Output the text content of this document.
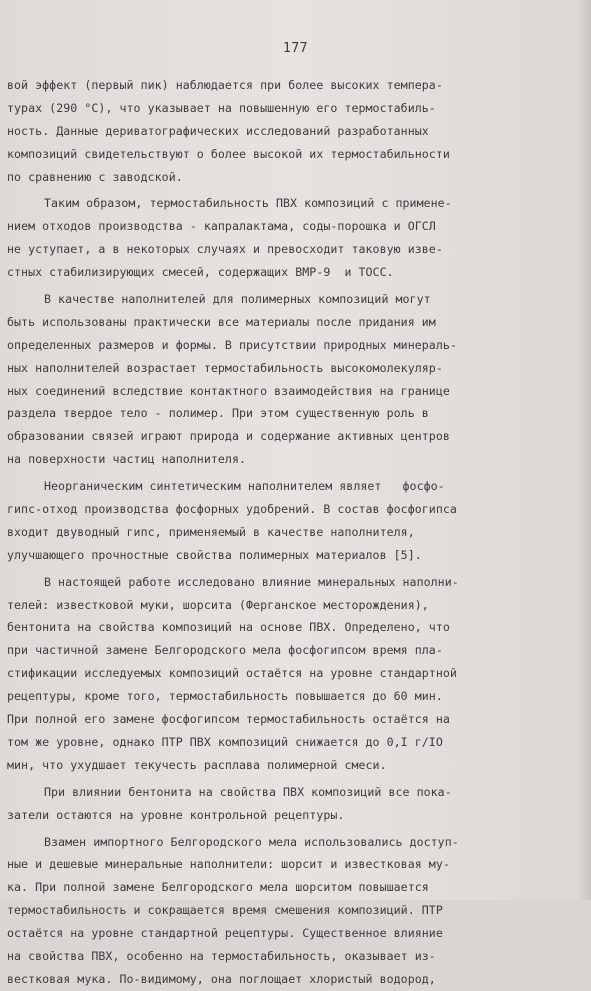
177
вой эффект (первый пик) наблюдается при более высоких темпера-
турах (290 °С), что указывает на повышенную его термостабиль-
ность. Данные дериватографических исследований разработанных
композиций свидетельствуют о более высокой их термостабильности
по сравнению с заводской.
Таким образом, термостабильность ПВХ композиций с примене-
нием отходов производства - капралактама, соды-порошка и ОГСЛ
не уступает, а в некоторых случаях и превосходит таковую изве-
стных стабилизирующих смесей, содержащих ВМР-9  и ТОСС.
В качестве наполнителей для полимерных композиций могут
быть использованы практически все материалы после придания им
определенных размеров и формы. В присутствии природных минераль-
ных наполнителей возрастает термостабильность высокомолекуляр-
ных соединений вследствие контактного взаимодействия на границе
раздела твердое тело - полимер. При этом существенную роль в
образовании связей играют природа и содержание активных центров
на поверхности частиц наполнителя.
Неорганическим синтетическим наполнителем являет   фосфо-
гипс-отход производства фосфорных удобрений. В состав фосфогипса
входит двуводный гипс, применяемый в качестве наполнителя,
улучшающего прочностные свойства полимерных материалов [5].
В настоящей работе исследовано влияние минеральных наполни-
телей: известковой муки, шорсита (Ферганское месторождения),
бентонита на свойства композиций на основе ПВХ. Определено, что
при частичной замене Белгородского мела фосфогипсом время пла-
стификации исследуемых композиций остаётся на уровне стандартной
рецептуры, кроме того, термостабильность повышается до 60 мин.
При полной его замене фосфогипсом термостабильность остаётся на
том же уровне, однако ПТР ПВХ композиций снижается до 0,I г/IO
мин, что ухудшает текучесть расплава полимерной смеси.
При влиянии бентонита на свойства ПВХ композиций все пока-
затели остаются на уровне контрольной рецептуры.
Взамен импортного Белгородского мела использовались доступ-
ные и дешевые минеральные наполнители: шорсит и известковая му-
ка. При полной замене Белгородского мела шорситом повышается
термостабильность и сокращается время смешения композиций. ПТР
остаётся на уровне стандартной рецептуры. Существенное влияние
на свойства ПВХ, особенно на термостабильность, оказывает из-
вестковая мука. По-видимому, она поглощает хлористый водород,
